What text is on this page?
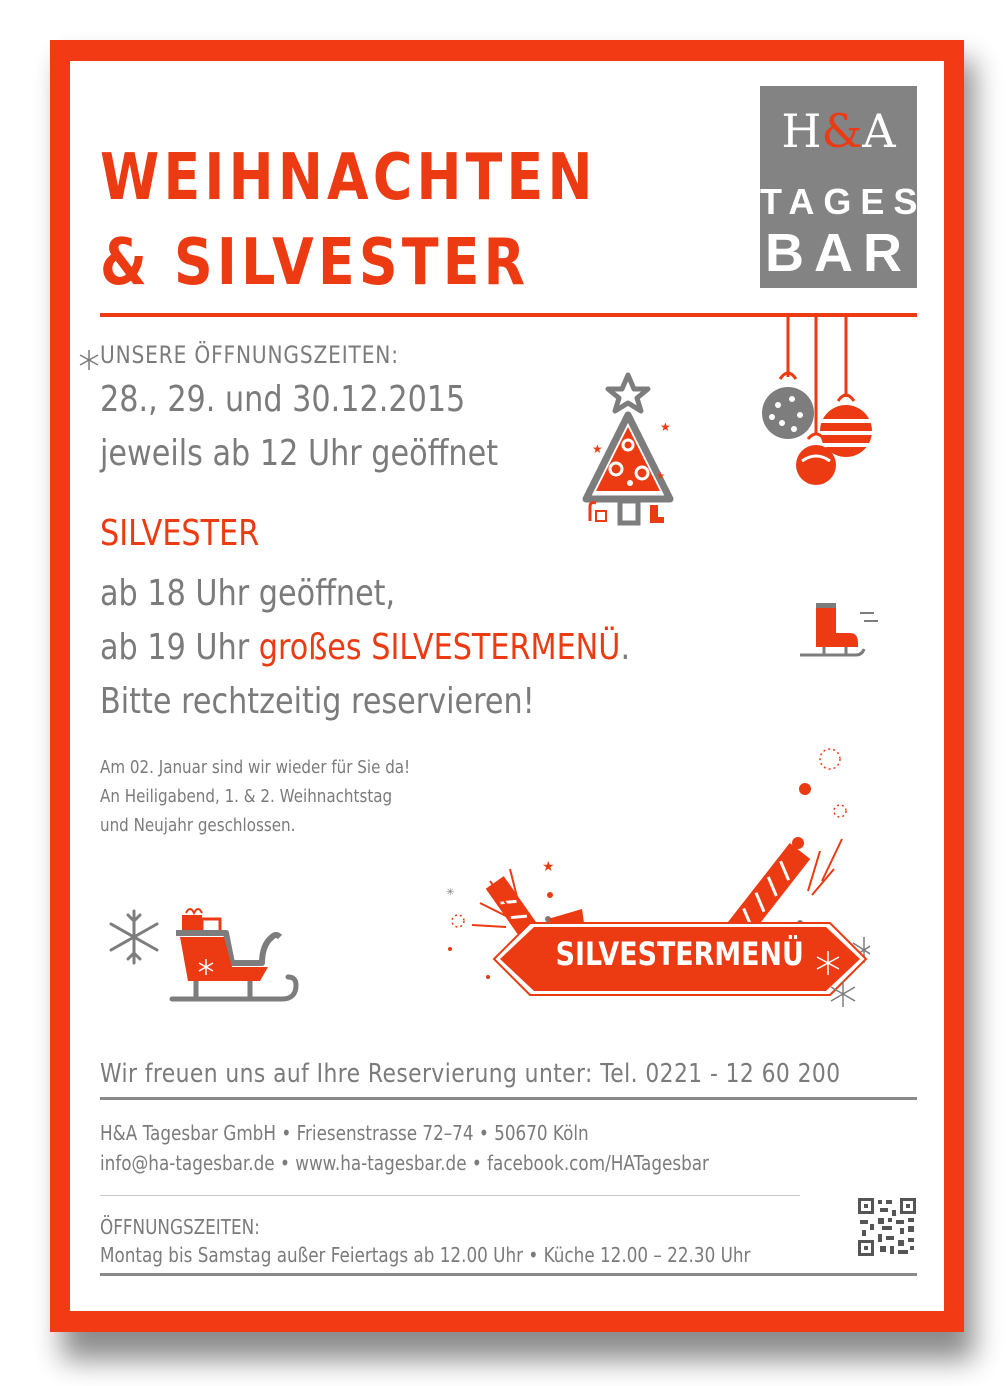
WEIHNACHTEN
& SILVESTER
H&A
TAGES
BAR
UNSERE ÖFFNUNGSZEITEN:
28., 29. und 30.12.2015
jeweils ab 12 Uhr geöffnet
★
★
★
SILVESTER
ab 18 Uhr geöffnet,
ab 19 Uhr großes SILVESTERMENÜ.
Bitte rechtzeitig reservieren!
Am 02. Januar sind wir wieder für Sie da!
An Heiligabend, 1. & 2. Weihnachtstag
und Neujahr geschlossen.
★
✳
SILVESTERMENÜ
Wir freuen uns auf Ihre Reservierung unter: Tel. 0221 - 12 60 200
H&A Tagesbar GmbH • Friesenstrasse 72–74 • 50670 Köln
info@ha-tagesbar.de • www.ha-tagesbar.de • facebook.com/HATagesbar
ÖFFNUNGSZEITEN:
Montag bis Samstag außer Feiertags ab 12.00 Uhr • Küche 12.00 – 22.30 Uhr
